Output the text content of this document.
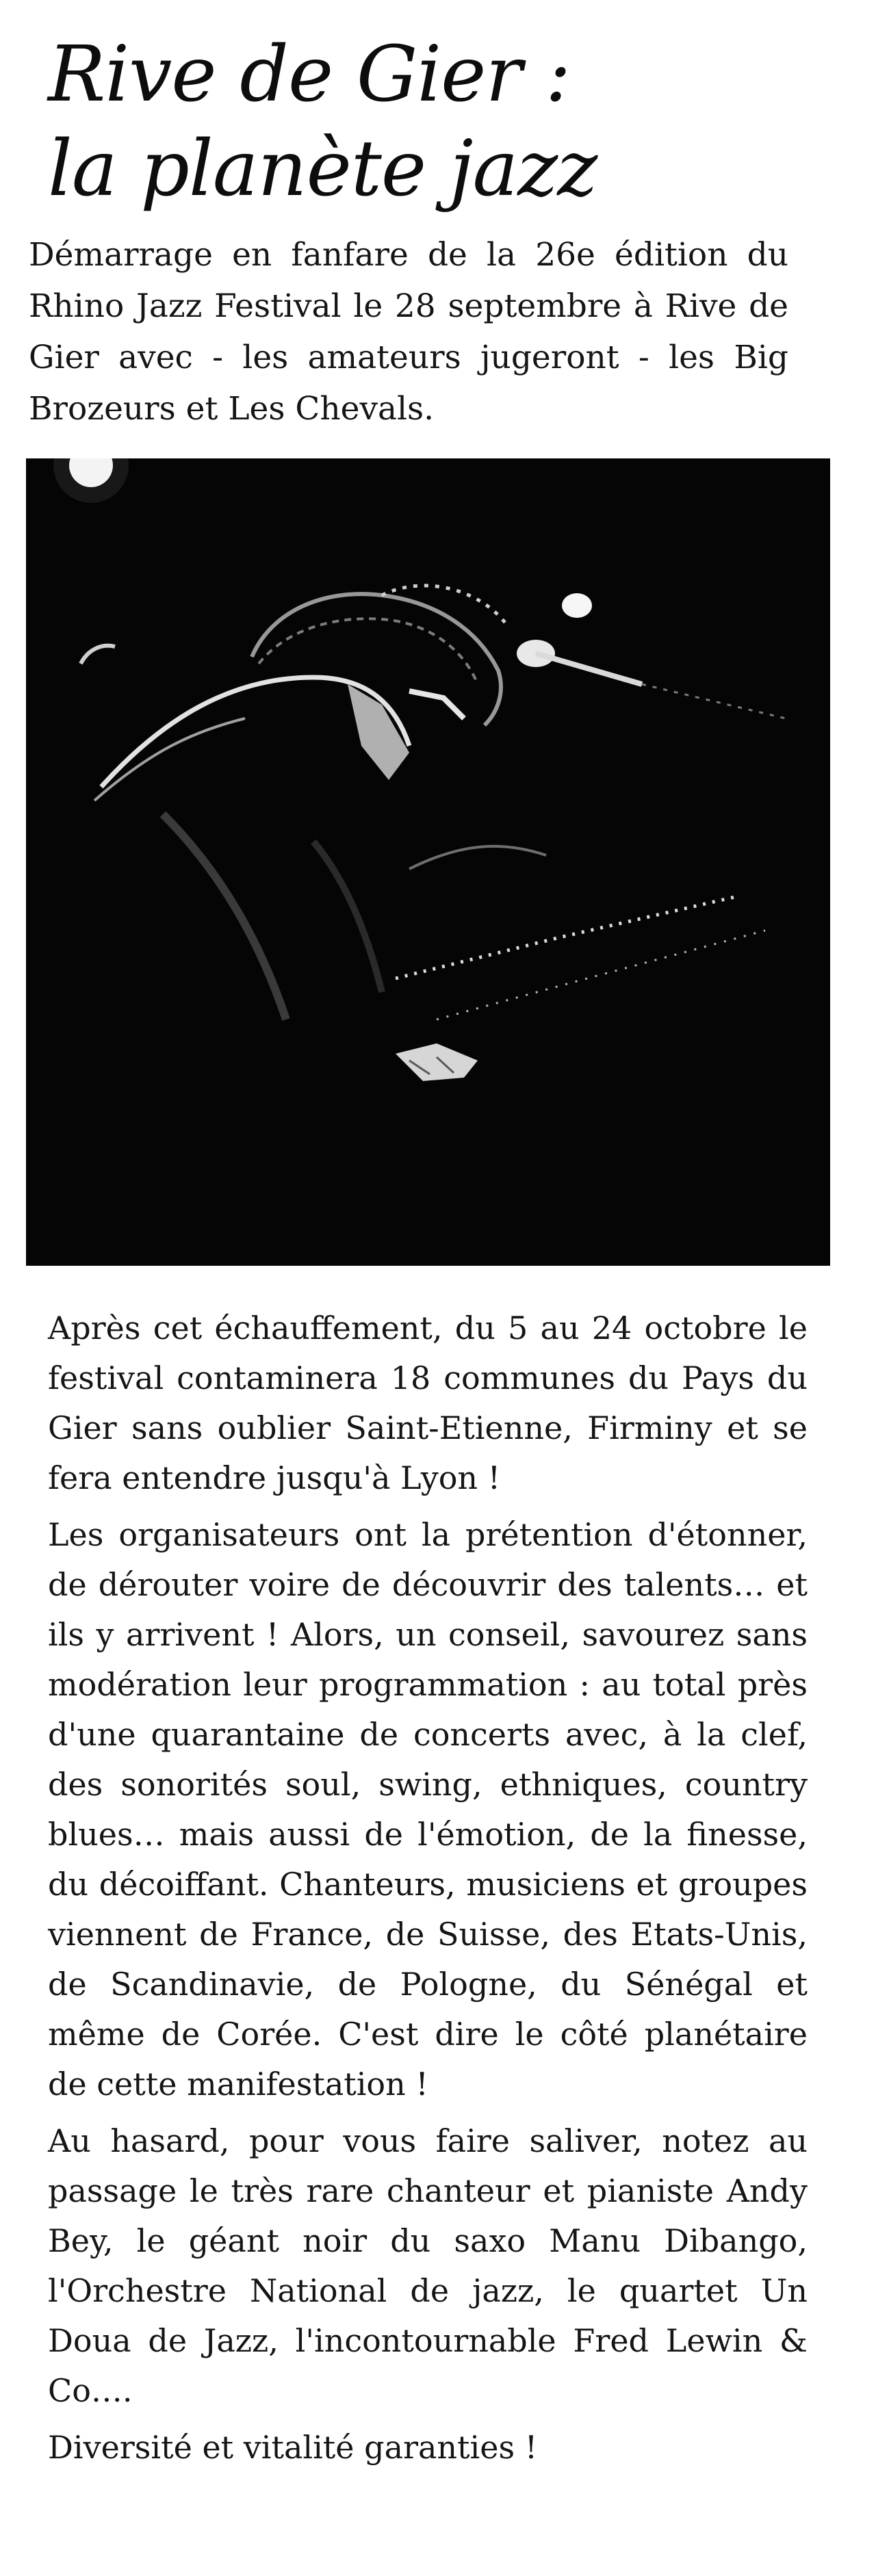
Rive de Gier :
la planète jazz

Démarrage en fanfare de la 26e édition du Rhino Jazz Festival le 28 septembre à Rive de Gier avec - les amateurs jugeront - les Big Brozeurs et Les Chevals.

Après cet échauffement, du 5 au 24 octobre le festival contaminera 18 communes du Pays du Gier sans oublier Saint-Etienne, Firminy et se fera entendre jusqu'à Lyon !

Les organisateurs ont la prétention d'étonner, de dérouter voire de découvrir des talents… et ils y arrivent ! Alors, un conseil, savourez sans modération leur programmation : au total près d'une quarantaine de concerts avec, à la clef, des sonorités soul, swing, ethniques, country blues… mais aussi de l'émotion, de la finesse, du décoiffant. Chanteurs, musiciens et groupes viennent de France, de Suisse, des Etats-Unis, de Scandinavie, de Pologne, du Sénégal et même de Corée. C'est dire le côté planétaire de cette manifestation !

Au hasard, pour vous faire saliver, notez au passage le très rare chanteur et pianiste Andy Bey, le géant noir du saxo Manu Dibango, l'Orchestre National de jazz, le quartet Un Doua de Jazz, l'incontournable Fred Lewin & Co….

Diversité et vitalité garanties !
